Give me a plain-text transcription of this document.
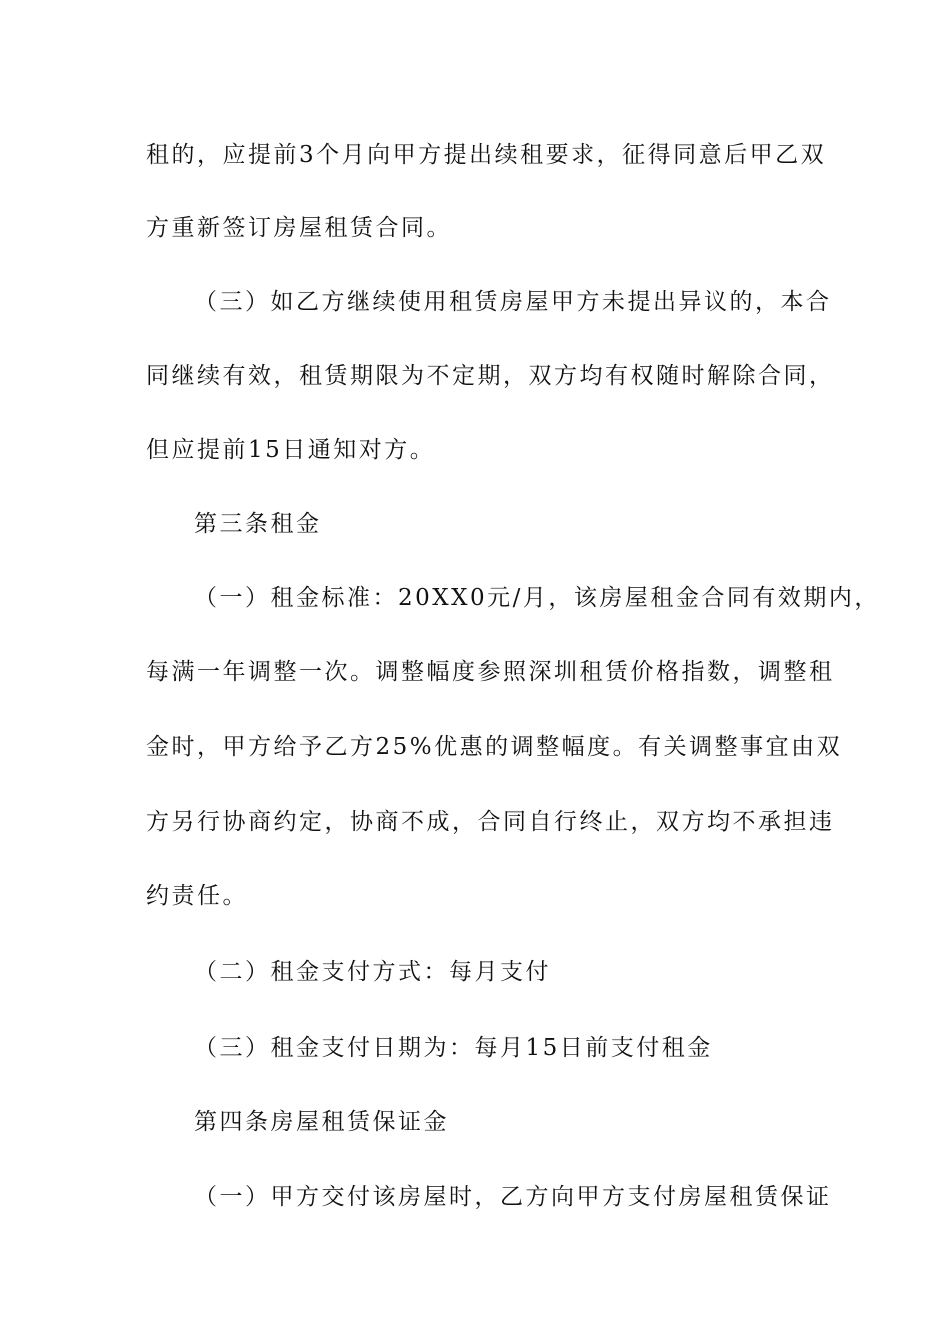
租的，应提前3个月向甲方提出续租要求，征得同意后甲乙双
方重新签订房屋租赁合同。
（三）如乙方继续使用租赁房屋甲方未提出异议的，本合
同继续有效，租赁期限为不定期，双方均有权随时解除合同，
但应提前15日通知对方。
第三条租金
（一）租金标准：20XX0元/月，该房屋租金合同有效期内，
每满一年调整一次。调整幅度参照深圳租赁价格指数，调整租
金时，甲方给予乙方25%优惠的调整幅度。有关调整事宜由双
方另行协商约定，协商不成，合同自行终止，双方均不承担违
约责任。
（二）租金支付方式：每月支付
（三）租金支付日期为：每月15日前支付租金
第四条房屋租赁保证金
（一）甲方交付该房屋时，乙方向甲方支付房屋租赁保证
